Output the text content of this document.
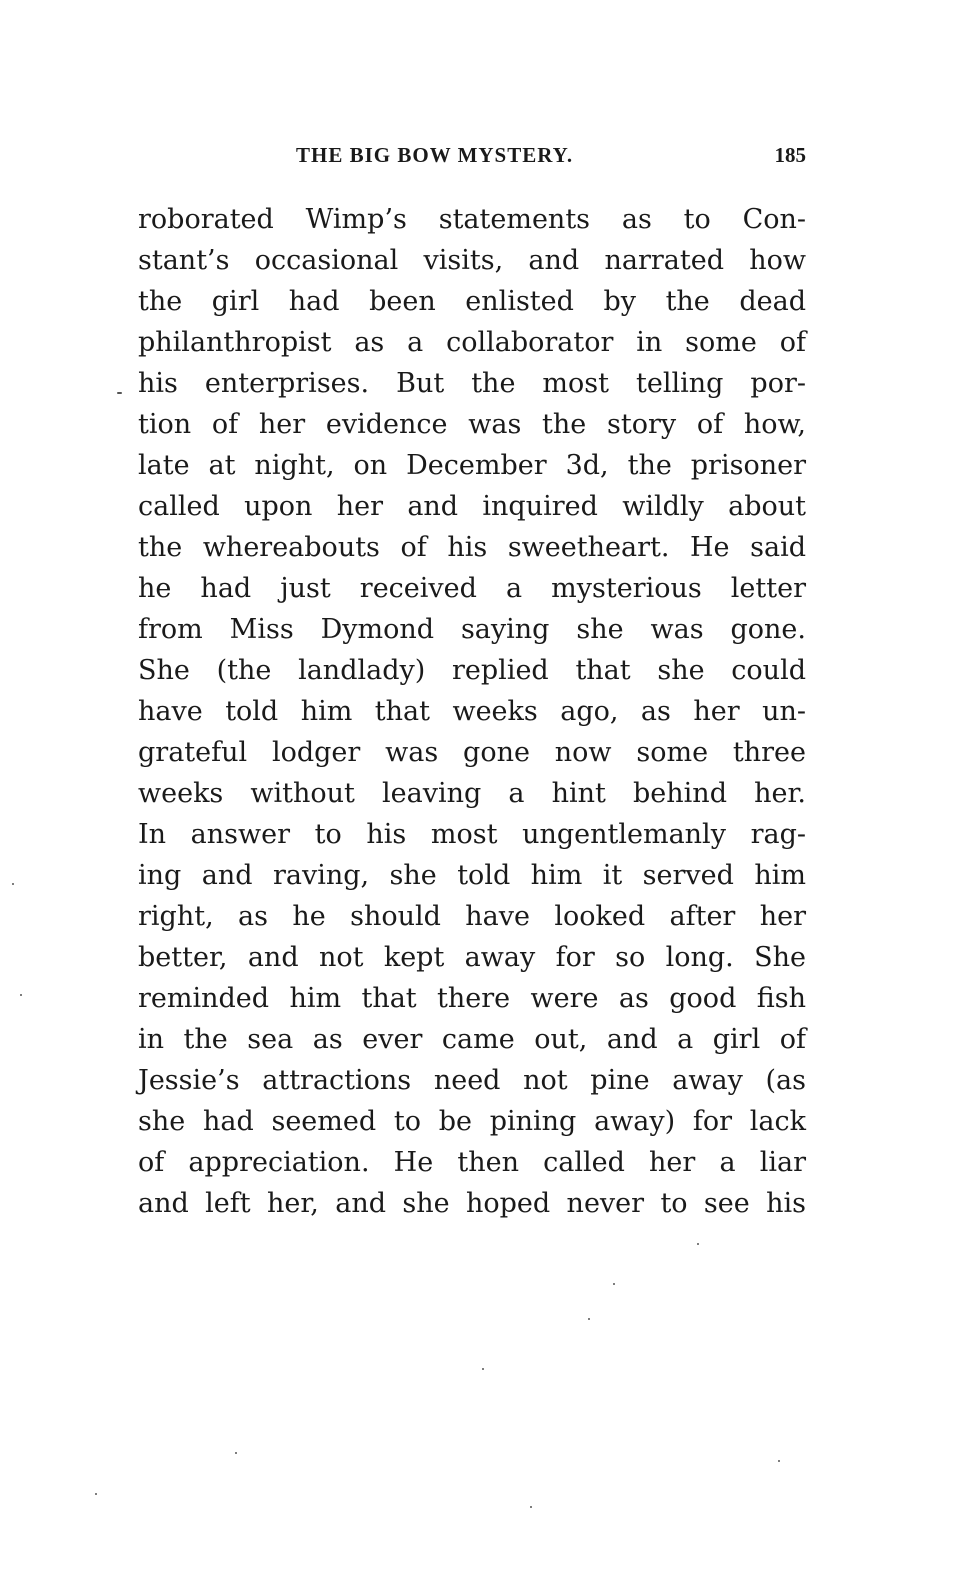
THE BIG BOW MYSTERY.	185
roborated Wimp’s statements as to Con-
stant’s occasional visits, and narrated how
the girl had been enlisted by the dead
philanthropist as a collaborator in some of
his enterprises. But the most telling por-
tion of her evidence was the story of how,
late at night, on December 3d, the prisoner
called upon her and inquired wildly about
the whereabouts of his sweetheart. He said
he had just received a mysterious letter
from Miss Dymond saying she was gone.
She (the landlady) replied that she could
have told him that weeks ago, as her un-
grateful lodger was gone now some three
weeks without leaving a hint behind her.
In answer to his most ungentlemanly rag-
ing and raving, she told him it served him
right, as he should have looked after her
better, and not kept away for so long. She
reminded him that there were as good fish
in the sea as ever came out, and a girl of
Jessie’s attractions need not pine away (as
she had seemed to be pining away) for lack
of appreciation. He then called her a liar
and left her, and she hoped never to see his
